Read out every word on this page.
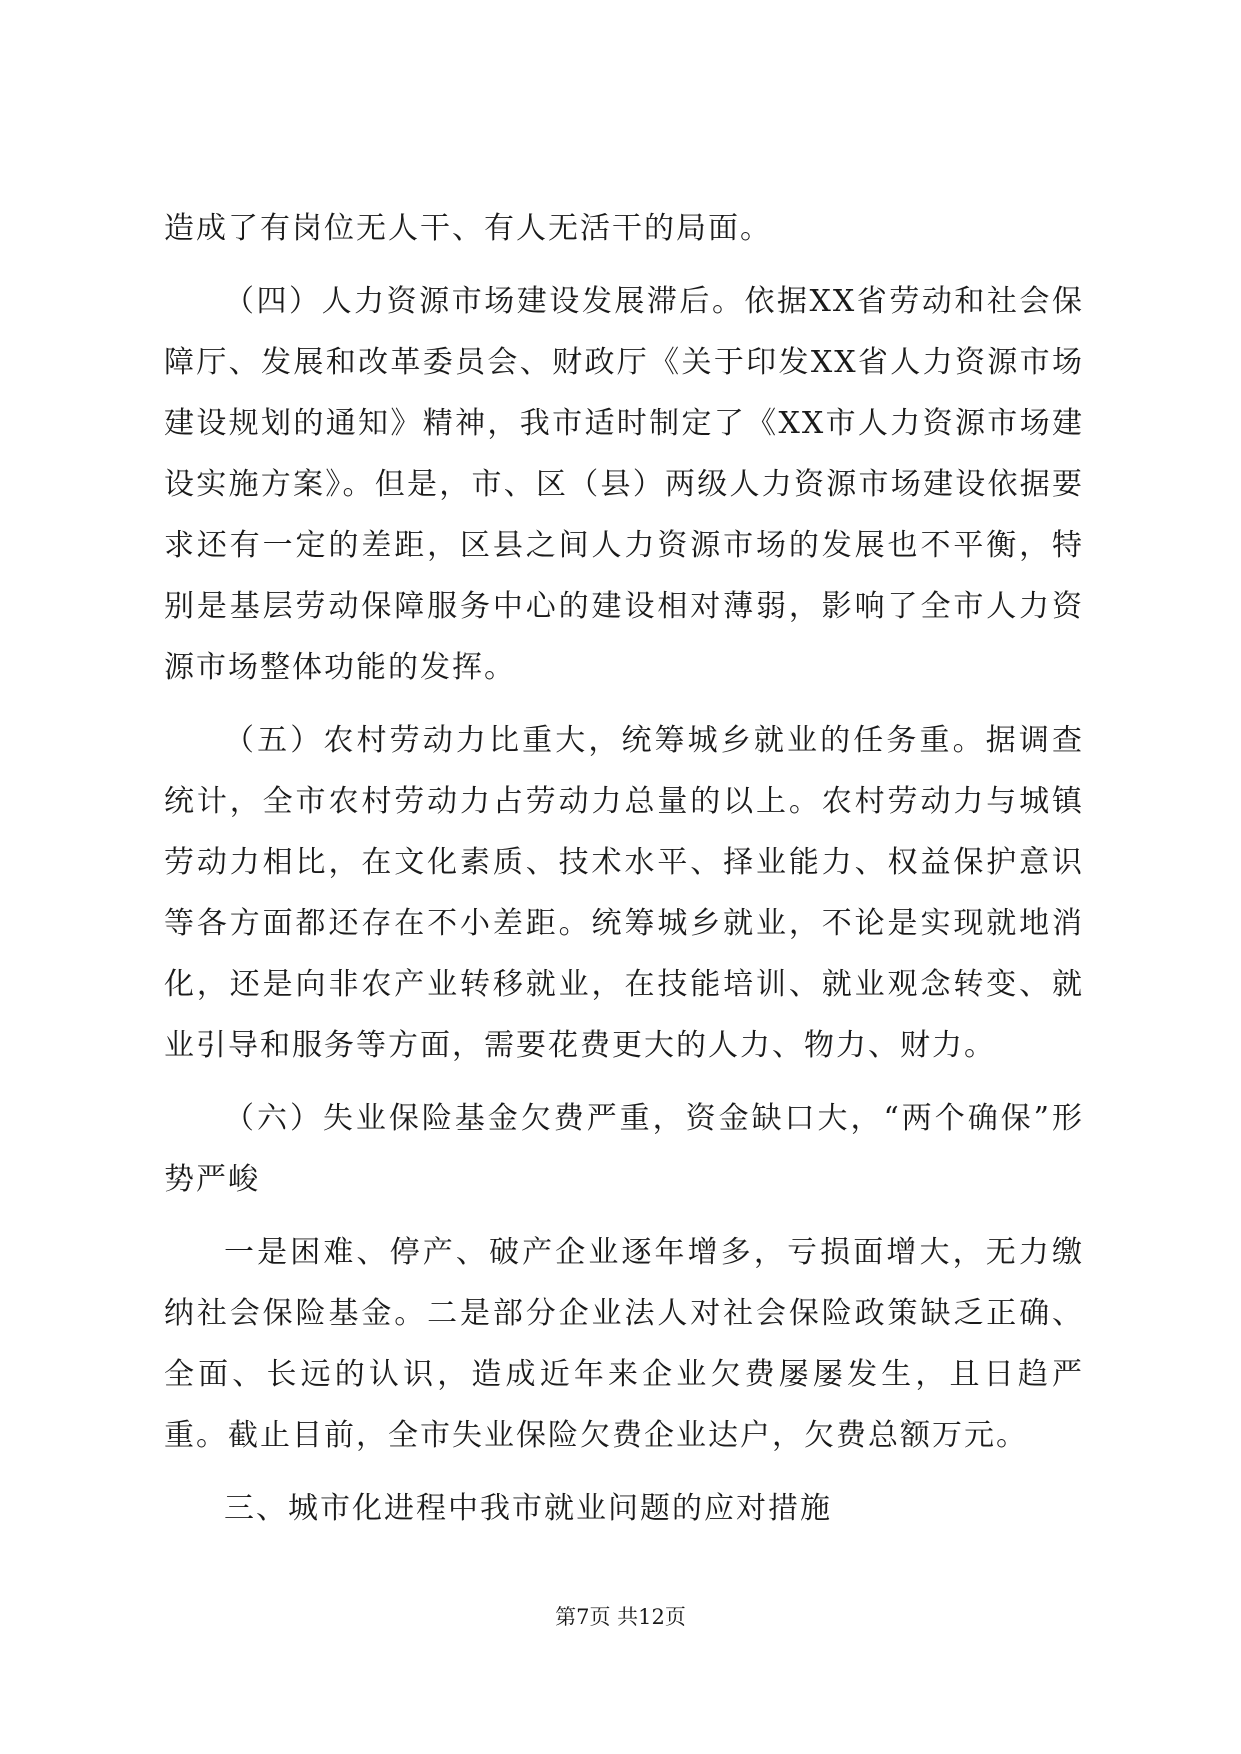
造成了有岗位无人干、有人无活干的局面。

（四）人力资源市场建设发展滞后。依据XX省劳动和社会保障厅、发展和改革委员会、财政厅《关于印发XX省人力资源市场建设规划的通知》精神，我市适时制定了《XX市人力资源市场建设实施方案》。但是，市、区（县）两级人力资源市场建设依据要求还有一定的差距，区县之间人力资源市场的发展也不平衡，特别是基层劳动保障服务中心的建设相对薄弱，影响了全市人力资源市场整体功能的发挥。

（五）农村劳动力比重大，统筹城乡就业的任务重。据调查统计，全市农村劳动力占劳动力总量的以上。农村劳动力与城镇劳动力相比，在文化素质、技术水平、择业能力、权益保护意识等各方面都还存在不小差距。统筹城乡就业，不论是实现就地消化，还是向非农产业转移就业，在技能培训、就业观念转变、就业引导和服务等方面，需要花费更大的人力、物力、财力。

（六）失业保险基金欠费严重，资金缺口大，“两个确保”形势严峻

一是困难、停产、破产企业逐年增多，亏损面增大，无力缴纳社会保险基金。二是部分企业法人对社会保险政策缺乏正确、全面、长远的认识，造成近年来企业欠费屡屡发生，且日趋严重。截止目前，全市失业保险欠费企业达户，欠费总额万元。

三、城市化进程中我市就业问题的应对措施

第7页 共12页
